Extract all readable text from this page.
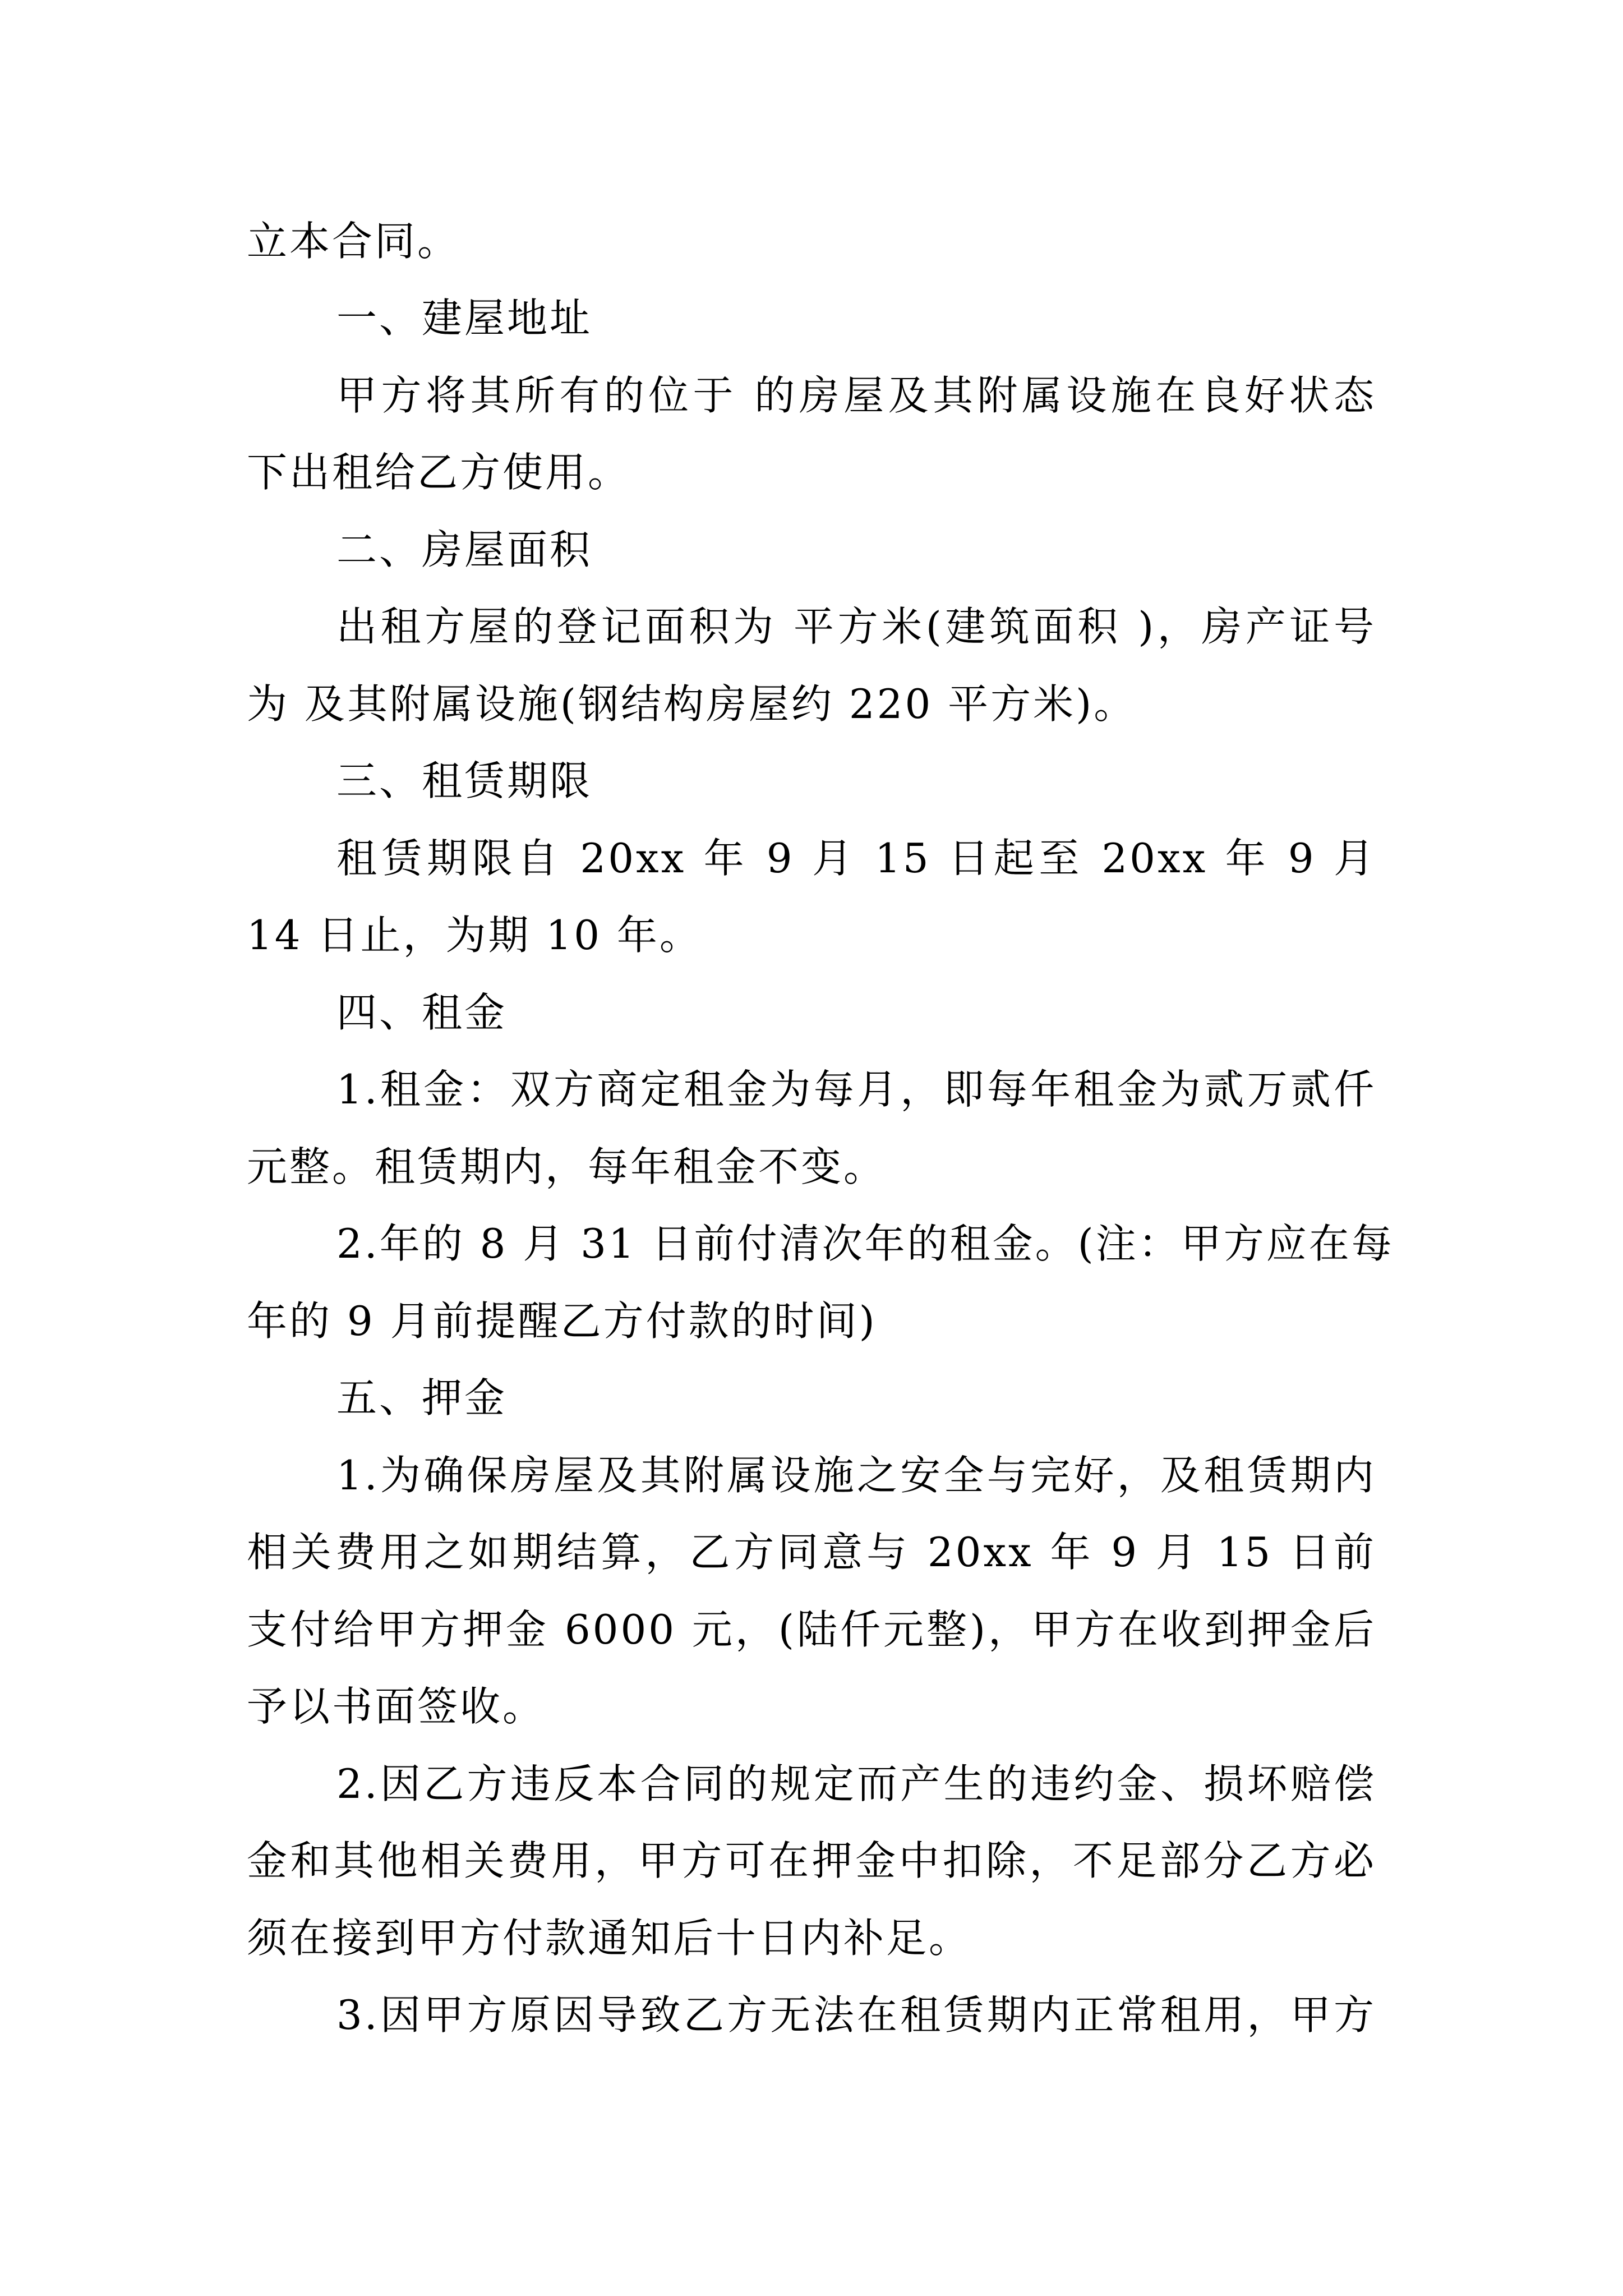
立本合同。

一、建屋地址

甲方将其所有的位于 的房屋及其附属设施在良好状态

下出租给乙方使用。

二、房屋面积

出租方屋的登记面积为 平方米(建筑面积 )，房产证号

为 及其附属设施(钢结构房屋约 220 平方米)。

三、租赁期限

租赁期限自 20xx 年 9 月 15 日起至 20xx 年 9 月

14 日止，为期 10 年。

四、租金

1.租金：双方商定租金为每月，即每年租金为贰万贰仟

元整。租赁期内，每年租金不变。

2.年的 8 月 31 日前付清次年的租金。(注：甲方应在每

年的 9 月前提醒乙方付款的时间)

五、押金

1.为确保房屋及其附属设施之安全与完好，及租赁期内

相关费用之如期结算，乙方同意与 20xx 年 9 月 15 日前

支付给甲方押金 6000 元，(陆仟元整)，甲方在收到押金后

予以书面签收。

2.因乙方违反本合同的规定而产生的违约金、损坏赔偿

金和其他相关费用，甲方可在押金中扣除，不足部分乙方必

须在接到甲方付款通知后十日内补足。

3.因甲方原因导致乙方无法在租赁期内正常租用，甲方
